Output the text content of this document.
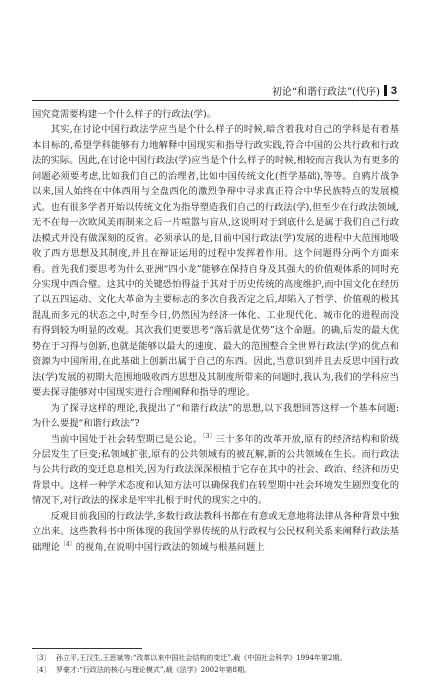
初论“和谐行政法”(代序) 3

国究竟需要构建一个什么样子的行政法(学)。

其实,在讨论中国行政法学应当是个什么样子的时候,暗含着我对自己的学科是有着基本目标的,希望学科能够有力地解释中国现实和指导行政实践,符合中国的公共行政和行政法的实际。因此,在讨论中国行政法(学)应当是个什么样子的时候,相较而言我认为有更多的问题必须要考虑,比如我们自己的治理者,比如中国传统文化(哲学基础),等等。自鸦片战争以来,国人始终在中体西用与全盘西化的激烈争辩中寻求真正符合中华民族特点的发展模式。也有很多学者开始以传统文化为指导塑造我们自己的行政法(学),但至少在行政法领域,无不在每一次欧风美雨制来之后一片喧嚣与盲从,这说明对于到底什么是属于我们自己行政法模式并没有做深刻的反省。必须承认的是,目前中国行政法(学)发展的进程中大范围地吸收了西方思想及其制度,并且在辩证运用的过程中发挥着作用。这个问题得分两个方面来看。首先我们要思考为什么亚洲“四小龙”能够在保持自身及其强大的价值观体系的同时充分实现中西合璧。这其中的关键恐怕得益于其对于历史传统的高度维护,而中国文化在经历了以五四运动、文化大革命为主要标志的多次自我否定之后,却陷入了哲学、价值观的极其混乱而多元的状态之中,时至今日,仍然因为经济一体化、工业现代化、城市化的进程而没有得到较为明显的改观。其次我们更要思考“落后就是优势”这个命题。的确,后发的最大优势在于习得与创新,也就是能够以最大的速度、最大的范围整合全世界行政法(学)的优点和资源为中国所用,在此基础上创新出属于自己的东西。因此,当意识到并且去反思中国行政法(学)发展的初期大范围地吸收西方思想及其制度所带来的问题时,我认为,我们的学科应当要去探寻能够对中国现实进行合理阐释和指导的理论。

为了探寻这样的理论,我提出了“和谐行政法”的思想,以下我想回答这样一个基本问题:为什么要提“和谐行政法”?

当前中国处于社会转型期已是公论。$^{〔3〕}$三十多年的改革开放,原有的经济结构和阶级分层发生了巨变;私领域扩张,原有的公共领域有的被瓦解,新的公共领域在生长。而行政法与公共行政的变迁息息相关,因为行政法深深根植于它存在其中的社会、政治、经济和历史背景中。这样一种学术态度和认知方法可以确保我们在转型期中社会环境发生剧烈变化的情况下,对行政法的探求是牢牢扎根于时代的现实之中的。

反观目前我国的行政法学,多数行政法教科书都在有意或无意地将法律从各种背景中独立出来。这些教科书中所体现的我国学界传统的从行政权与公民权利关系来阐释行政法基础理论$^{〔4〕}$的视角,在说明中国行政法的领域与根基问题上

〔3〕 孙立平,王汉生,王思斌等:“改革以来中国社会结构的变迁”,载《中国社会科学》1994年第2期。
〔4〕 罗豪才:“行政法的核心与理论模式”,载《法学》2002年第8期。
